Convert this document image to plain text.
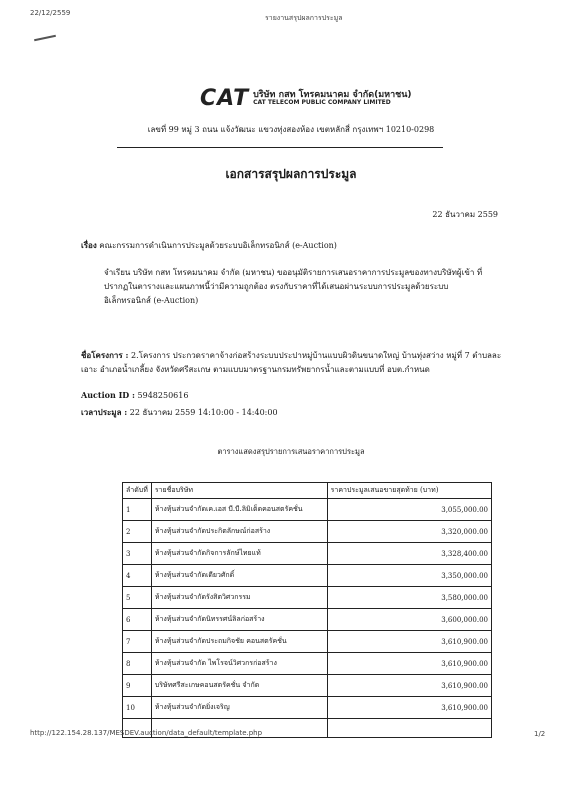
22/12/2559
รายงานสรุปผลการประมูล
CAT บริษัท กสท โทรคมนาคม จำกัด(มหาชน)
CAT TELECOM PUBLIC COMPANY LIMITED
เลขที่ 99 หมู่ 3 ถนน แจ้งวัฒนะ แขวงทุ่งสองห้อง เขตหลักสี่ กรุงเทพฯ 10210-0298
เอกสารสรุปผลการประมูล
22 ธันวาคม 2559
เรื่อง คณะกรรมการดำเนินการประมูลด้วยระบบอิเล็กทรอนิกส์ (e-Auction)
จำเรียน บริษัท กสท โทรคมนาคม จำกัด (มหาชน) ขออนุมัติรายการเสนอราคาการประมูลของทางบริษัทผู้เข้า ที่
ปรากฏในตารางและแผนภาพนี้ว่ามีความถูกต้อง ตรงกับราคาที่ได้เสนอผ่านระบบการประมูลด้วยระบบ
อิเล็กทรอนิกส์ (e-Auction)
ชื่อโครงการ : 2.โครงการ ประกวดราคาจ้างก่อสร้างระบบประปาหมู่บ้านแบบผิวดินขนาดใหญ่ บ้านทุ่งสว่าง หมู่ที่ 7 ตำบลละเอาะ อำเภอน้ำเกลี้ยง จังหวัดศรีสะเกษ ตามแบบมาตรฐานกรมทรัพยากรน้ำและตามแบบที่ อบต.กำหนด
Auction ID : 5948250616
เวลาประมูล : 22 ธันวาคม 2559 14:10:00 - 14:40:00
ตารางแสดงสรุปรายการเสนอราคาการประมูล
ลำดับที่	รายชื่อบริษัท	ราคาประมูลเสนอขายสุดท้าย (บาท)
1	ห้างหุ้นส่วนจำกัดเค.เอส บี.บี.ลิมิเต็ดคอนสตรัคชั่น	3,055,000.00
2	ห้างหุ้นส่วนจำกัดประกิตลักษณ์ก่อสร้าง	3,320,000.00
3	ห้างหุ้นส่วนจำกัดกิจการลักษ์ไทยแท้	3,328,400.00
4	ห้างหุ้นส่วนจำกัดเดียวศักดิ์	3,350,000.00
5	ห้างหุ้นส่วนจำกัดรังสิตวิศวกรรม	3,580,000.00
6	ห้างหุ้นส่วนจำกัดนิทรรศน์ลิลก่อสร้าง	3,600,000.00
7	ห้างหุ้นส่วนจำกัดประถมกิจชัย คอนสตรัคชั่น	3,610,900.00
8	ห้างหุ้นส่วนจำกัด ไพโรจน์วิศวกรก่อสร้าง	3,610,900.00
9	บริษัทศรีสะเกษคอนสตรัคชั่น จำกัด	3,610,900.00
10	ห้างหุ้นส่วนจำกัดยิ่งเจริญ	3,610,900.00

http://122.154.28.137/MESDEV.auction/data_default/template.php	1/2
